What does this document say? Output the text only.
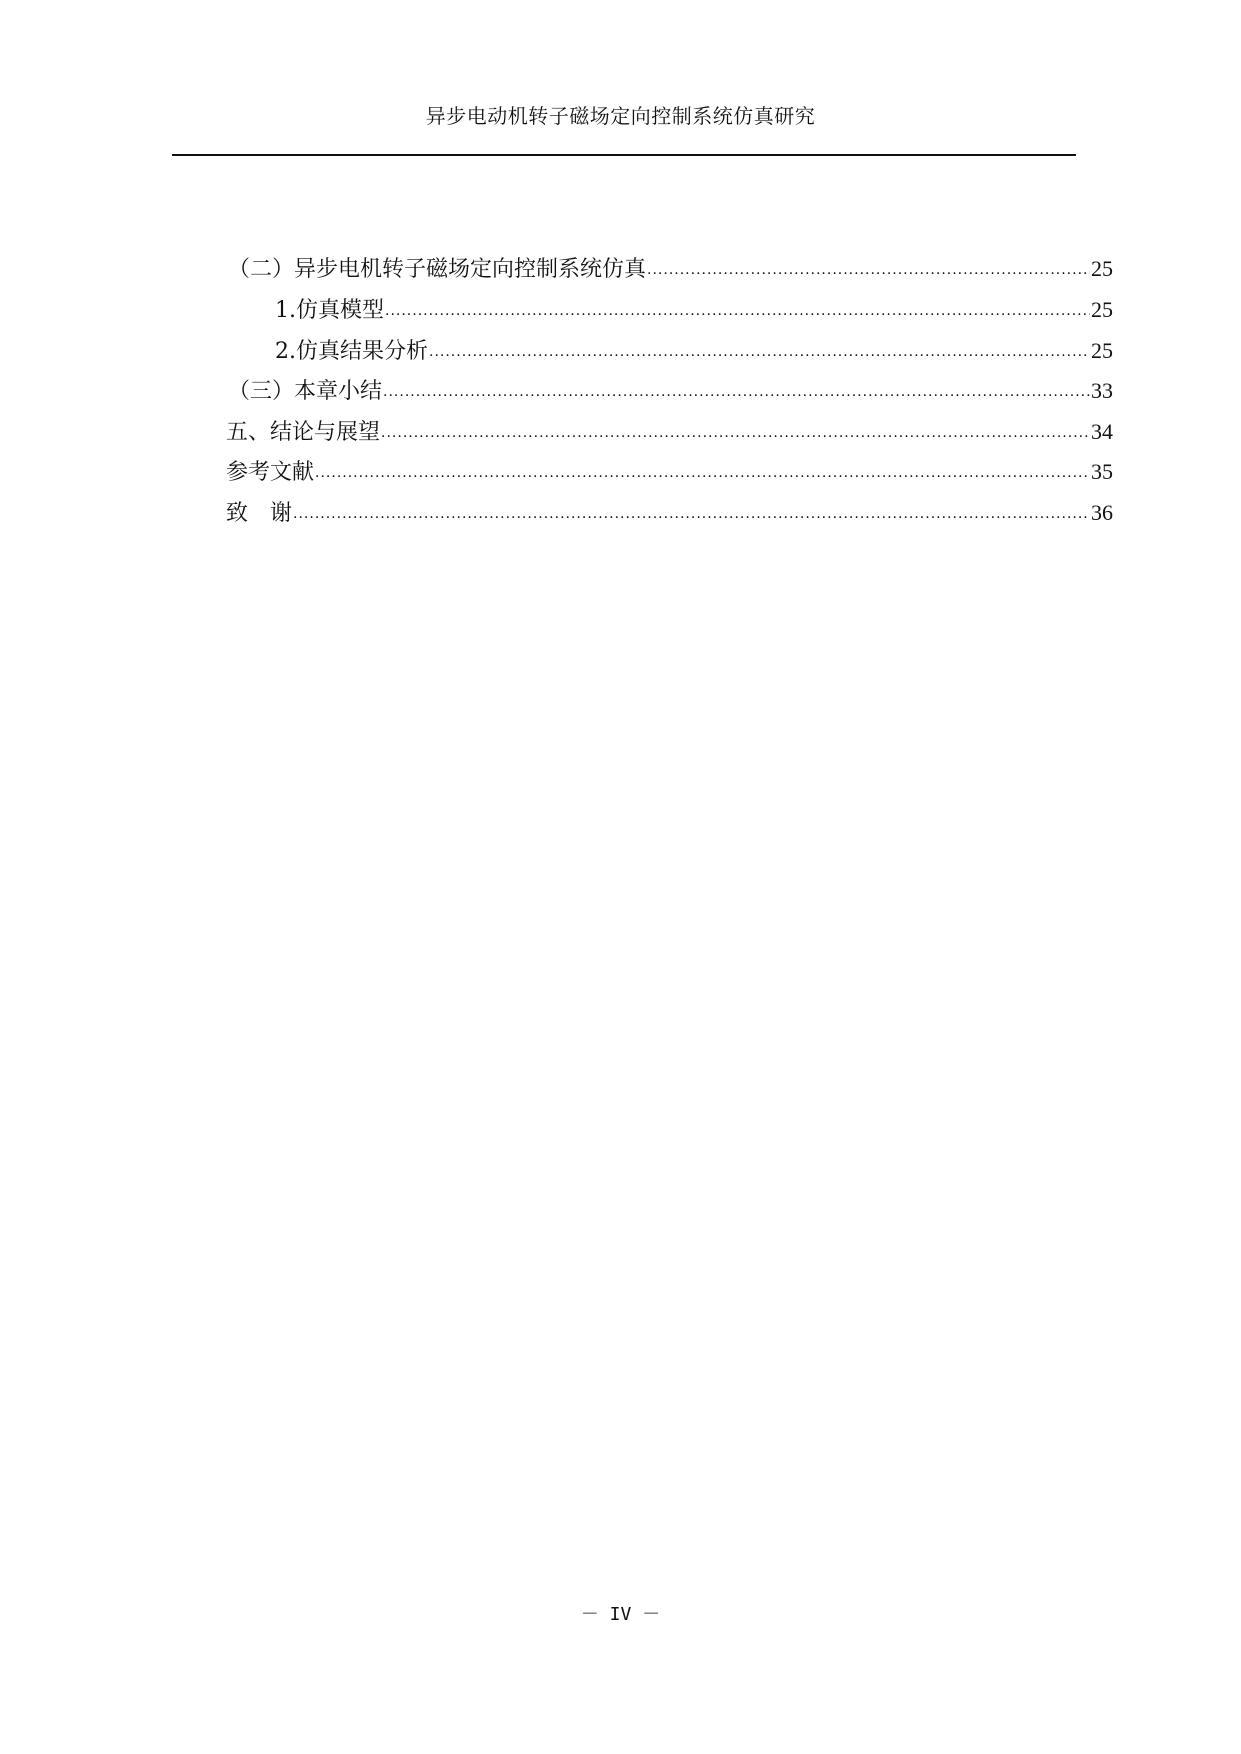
异步电动机转子磁场定向控制系统仿真研究
（二）异步电机转子磁场定向控制系统仿真 .....	25
1.仿真模型 .....	25
2.仿真结果分析 .....	25
（三）本章小结 .....	33
五、结论与展望 .....	34
参考文献 .....	35
致　谢 .....	36
－ IV －
